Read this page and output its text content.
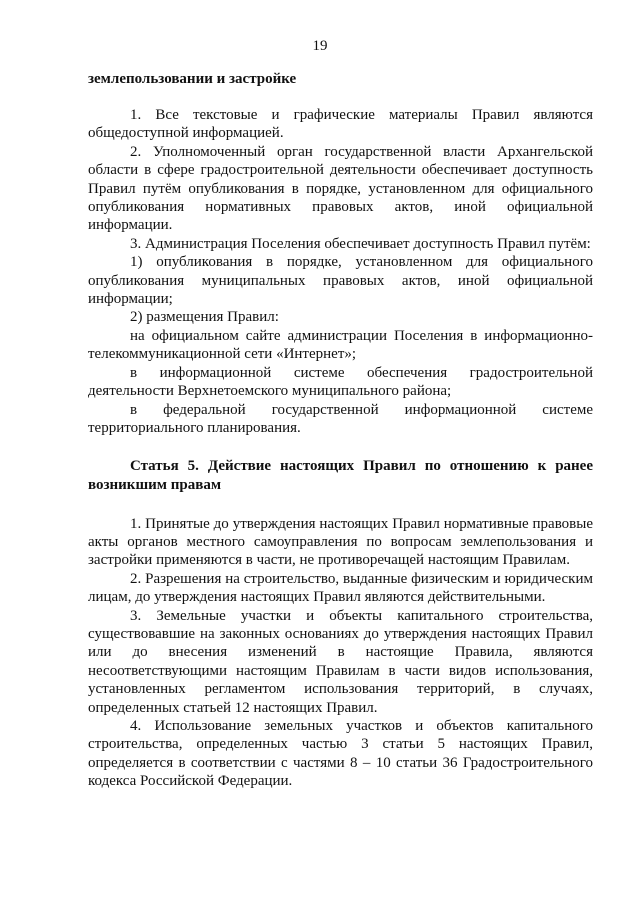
19
землепользовании и застройке

1. Все текстовые и графические материалы Правил являются общедоступной информацией.

2. Уполномоченный орган государственной власти Архангельской области в сфере градостроительной деятельности обеспечивает доступность Правил путём опубликования в порядке, установленном для официального опубликования нормативных правовых актов, иной официальной информации.

3. Администрация Поселения обеспечивает доступность Правил путём:

1) опубликования в порядке, установленном для официального опубликования муниципальных правовых актов, иной официальной информации;

2) размещения Правил:

на официальном сайте администрации Поселения в информационно-телекоммуникационной сети «Интернет»;

в информационной системе обеспечения градостроительной деятельности Верхнетоемского муниципального района;

в федеральной государственной информационной системе территориального планирования.

Статья 5. Действие настоящих Правил по отношению к ранее возникшим правам

1. Принятые до утверждения настоящих Правил нормативные правовые акты органов местного самоуправления по вопросам землепользования и застройки применяются в части, не противоречащей настоящим Правилам.

2. Разрешения на строительство, выданные физическим и юридическим лицам, до утверждения настоящих Правил являются действительными.

3. Земельные участки и объекты капитального строительства, существовавшие на законных основаниях до утверждения настоящих Правил или до внесения изменений в настоящие Правила, являются несоответствующими настоящим Правилам в части видов использования, установленных регламентом использования территорий, в случаях, определенных статьей 12 настоящих Правил.

4. Использование земельных участков и объектов капитального строительства, определенных частью 3 статьи 5 настоящих Правил, определяется в соответствии с частями 8 – 10 статьи 36 Градостроительного кодекса Российской Федерации.
